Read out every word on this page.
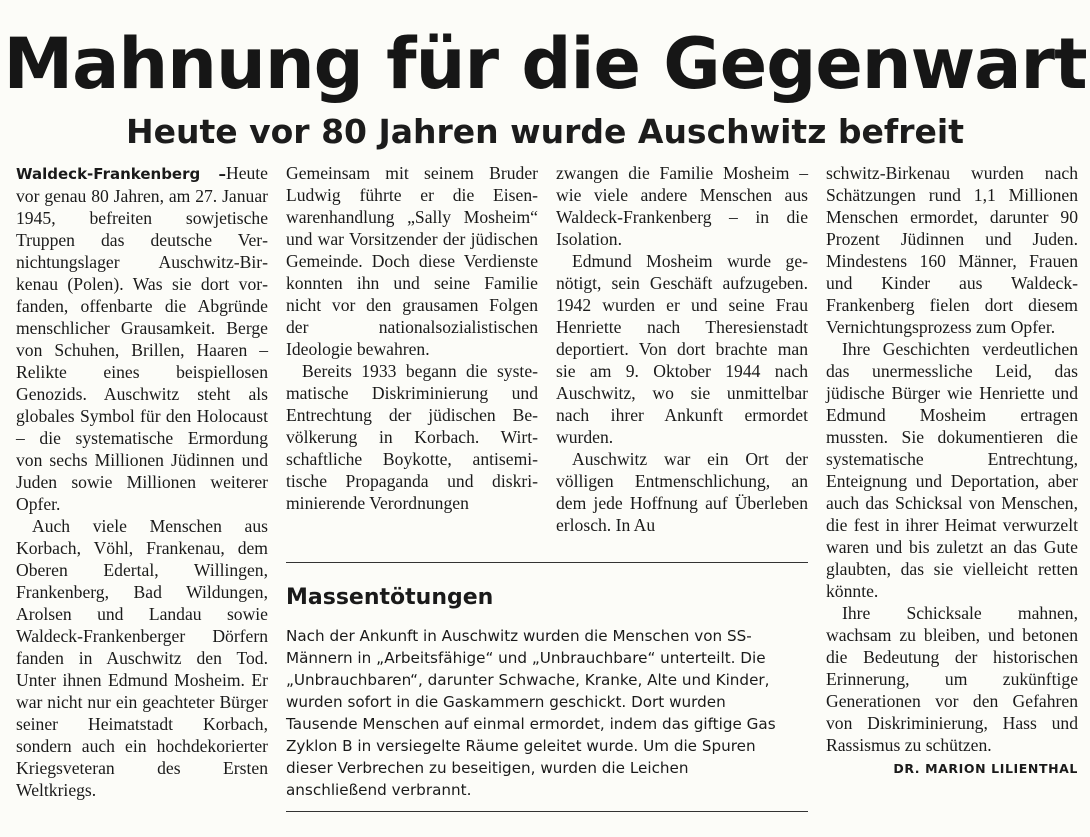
Mahnung für die Gegenwart
Heute vor 80 Jahren wurde Auschwitz befreit

Waldeck-Frankenberg –Heute vor genau 80 Jahren, am 27. Januar 1945, befreiten sowjetische Truppen das deutsche Vernichtungslager Auschwitz-Birkenau (Polen). Was sie dort vorfanden, offenbarte die Abgründe menschlicher Grausamkeit. Berge von Schuhen, Brillen, Haaren – Relikte eines beispiellosen Genozids. Auschwitz steht als globales Symbol für den Holocaust – die systematische Ermordung von sechs Millionen Jüdinnen und Juden sowie Millionen weiterer Opfer.

Auch viele Menschen aus Korbach, Vöhl, Frankenau, dem Oberen Edertal, Willingen, Frankenberg, Bad Wildungen, Arolsen und Landau sowie Waldeck-Frankenberger Dörfern fanden in Auschwitz den Tod. Unter ihnen Edmund Mosheim. Er war nicht nur ein geachteter Bürger seiner Heimatstadt Korbach, sondern auch ein hochdekorierter Kriegsveteran des Ersten Weltkriegs.

Gemeinsam mit seinem Bruder Ludwig führte er die Eisenwarenhandlung „Sally Mosheim“ und war Vorsitzender der jüdischen Gemeinde. Doch diese Verdienste konnten ihn und seine Familie nicht vor den grausamen Folgen der nationalsozialistischen Ideologie bewahren.

Bereits 1933 begann die systematische Diskriminierung und Entrechtung der jüdischen Bevölkerung in Korbach. Wirtschaftliche Boykotte, antisemitische Propaganda und diskriminierende Verordnungen

zwangen die Familie Mosheim – wie viele andere Menschen aus Waldeck-Frankenberg – in die Isolation.

Edmund Mosheim wurde genötigt, sein Geschäft aufzugeben. 1942 wurden er und seine Frau Henriette nach Theresienstadt deportiert. Von dort brachte man sie am 9. Oktober 1944 nach Auschwitz, wo sie unmittelbar nach ihrer Ankunft ermordet wurden.

Auschwitz war ein Ort der völligen Entmenschlichung, an dem jede Hoffnung auf Überleben erlosch. In Au

schwitz-Birkenau wurden nach Schätzungen rund 1,1 Millionen Menschen ermordet, darunter 90 Prozent Jüdinnen und Juden. Mindestens 160 Männer, Frauen und Kinder aus Waldeck-Frankenberg fielen dort diesem Vernichtungsprozess zum Opfer.

Ihre Geschichten verdeutlichen das unermessliche Leid, das jüdische Bürger wie Henriette und Edmund Mosheim ertragen mussten. Sie dokumentieren die systematische Entrechtung, Enteignung und Deportation, aber auch das Schicksal von Menschen, die fest in ihrer Heimat verwurzelt waren und bis zuletzt an das Gute glaubten, das sie vielleicht retten könnte.

Ihre Schicksale mahnen, wachsam zu bleiben, und betonen die Bedeutung der historischen Erinnerung, um zukünftige Generationen vor den Gefahren von Diskriminierung, Hass und Rassismus zu schützen.
DR. MARION LILIENTHAL

Massentötungen

Nach der Ankunft in Auschwitz wurden die Menschen von SS-Männern in „Arbeitsfähige“ und „Unbrauchbare“ unterteilt. Die „Unbrauchbaren“, darunter Schwache, Kranke, Alte und Kinder, wurden sofort in die Gaskammern geschickt. Dort wurden Tausende Menschen auf einmal ermordet, indem das giftige Gas Zyklon B in versiegelte Räume geleitet wurde. Um die Spuren dieser Verbrechen zu beseitigen, wurden die Leichen anschließend verbrannt.
